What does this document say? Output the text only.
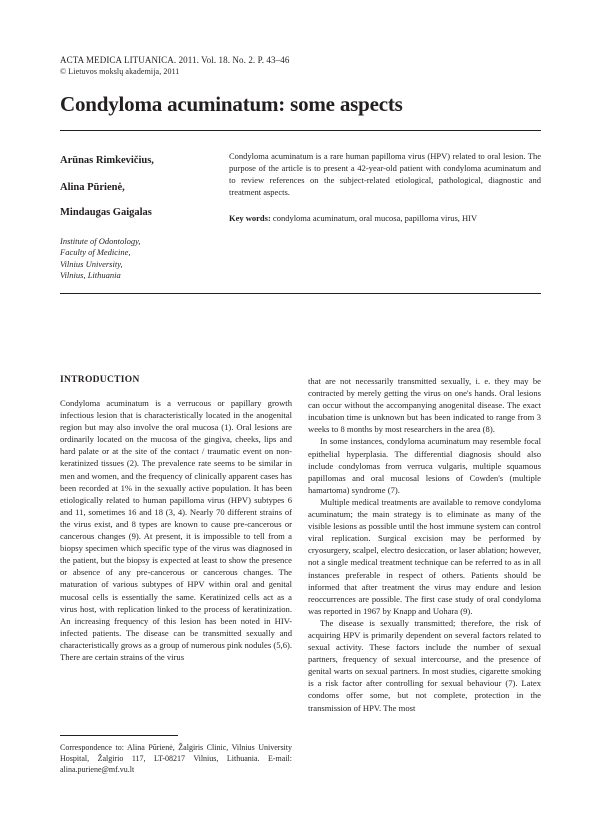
ACTA MEDICA LITUANICA. 2011. Vol. 18. No. 2. P. 43–46
© Lietuvos mokslų akademija, 2011
Condyloma acuminatum: some aspects
Arūnas Rimkevičius,
Alina Pūrienė,
Mindaugas Gaigalas
Institute of Odontology,
Faculty of Medicine,
Vilnius University,
Vilnius, Lithuania
Condyloma acuminatum is a rare human papilloma virus (HPV) related to oral lesion. The purpose of the article is to present a 42-year-old patient with condyloma acuminatum and to review references on the subject-related etiological, pathological, diagnostic and treatment aspects.
Key words: condyloma acuminatum, oral mucosa, papilloma virus, HIV
INTRODUCTION

Condyloma acuminatum is a verrucous or papillary growth infectious lesion that is characteristically located in the anogenital region but may also involve the oral mucosa (1). Oral lesions are ordinarily located on the mucosa of the gingiva, cheeks, lips and hard palate or at the site of the contact / traumatic event on non-keratinized tissues (2). The prevalence rate seems to be similar in men and women, and the frequency of clinically apparent cases has been recorded at 1% in the sexually active population. It has been etiologically related to human papilloma virus (HPV) subtypes 6 and 11, sometimes 16 and 18 (3, 4). Nearly 70 different strains of the virus exist, and 8 types are known to cause pre-cancerous or cancerous changes (9). At present, it is impossible to tell from a biopsy specimen which specific type of the virus was diagnosed in the patient, but the biopsy is expected at least to show the presence or absence of any pre-cancerous or cancerous changes. The maturation of various subtypes of HPV within oral and genital mucosal cells is essentially the same. Keratinized cells act as a virus host, with replication linked to the process of keratinization. An increasing frequency of this lesion has been noted in HIV-infected patients. The disease can be transmitted sexually and characteristically grows as a group of numerous pink nodules (5,6). There are certain strains of the virus

that are not necessarily transmitted sexually, i. e. they may be contracted by merely getting the virus on one's hands. Oral lesions can occur without the accompanying anogenital disease. The exact incubation time is unknown but has been indicated to range from 3 weeks to 8 months by most researchers in the area (8).

In some instances, condyloma acuminatum may resemble focal epithelial hyperplasia. The differential diagnosis should also include condylomas from verruca vulgaris, multiple squamous papillomas and oral mucosal lesions of Cowden's (multiple hamartoma) syndrome (7).

Multiple medical treatments are available to remove condyloma acuminatum; the main strategy is to eliminate as many of the visible lesions as possible until the host immune system can control viral replication. Surgical excision may be performed by cryosurgery, scalpel, electro desiccation, or laser ablation; however, not a single medical treatment technique can be referred to as in all instances preferable in respect of others. Patients should be informed that after treatment the virus may endure and lesion reoccurrences are possible. The first case study of oral condyloma was reported in 1967 by Knapp and Uohara (9).

The disease is sexually transmitted; therefore, the risk of acquiring HPV is primarily dependent on several factors related to sexual activity. These factors include the number of sexual partners, frequency of sexual intercourse, and the presence of genital warts on sexual partners. In most studies, cigarette smoking is a risk factor after controlling for sexual behaviour (7). Latex condoms offer some, but not complete, protection in the transmission of HPV. The most

Correspondence to: Alina Pūrienė, Žalgiris Clinic, Vilnius University Hospital, Žalgirio 117, LT-08217 Vilnius, Lithuania. E-mail: alina.puriene@mf.vu.lt
